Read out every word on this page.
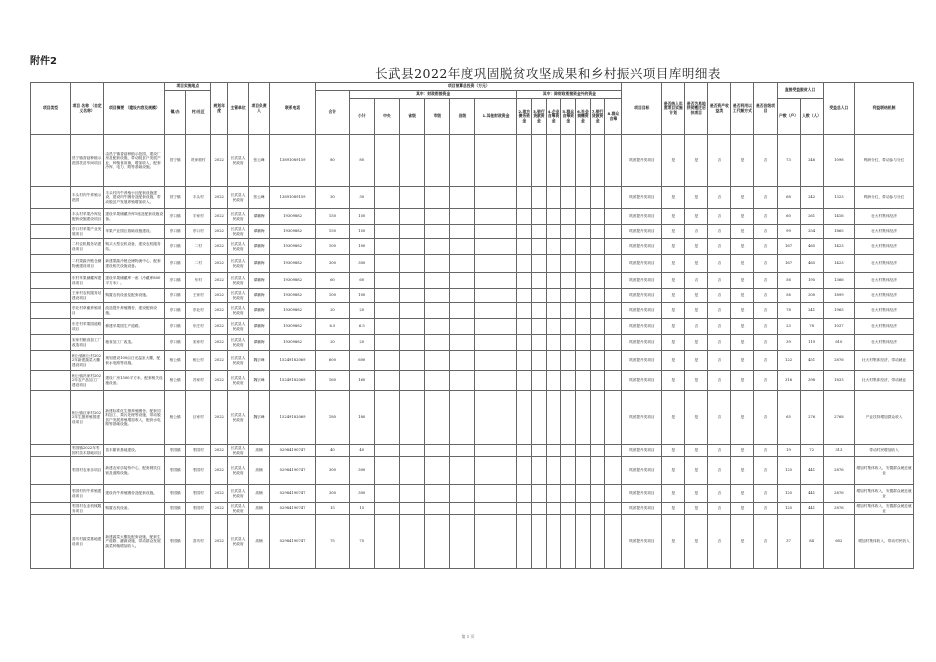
附件2
长武县2022年度巩固脱贫攻坚成果和乡村振兴项目库明细表
项目类型	项目 名称 （自定 义名称）	项目摘要 （建设内容及规模）	项目实施地点		规划年度	主管单位	项目负责人	联系电话	项目预算总投资（万元）														项目目标	是否纳入年度项目实施计划	是否为易地扶贫搬迁后扶项目	是否资产收益类	是否利用以工代赈方式	是否县级项目	直接受益脱贫人口		受益总人口	利益联结机制
			镇/办	村/社区					合计	其中：财政衔接资金						其中：除财政衔接资金外的资金																
										小计	中央	省级	市级	县级	1.其他财政资金	2.地方债务资金	3.银行贷款资金	4.企业自筹资金	5.群众自筹资金	6.社会捐赠资金	7.银行贷款资金	8.群众自筹							户数（户）	人数（人）		
	昌宁镇香菇种植示范园扶贫车间项目	由昌宁镇香菇种植示范园，建设厂房及配套设施，带动脱贫户发展产业，种植食用菌，增加收入，配套冷库、电力、路等基础设施。	昌宁镇	巩家坡村	2022	长武县人民政府	张云峰	13891089159	80	80													巩固提升类项目	是	是	否	是	否	73	246	1098	利润分红，带动参与分红
	丰头村肉牛养殖示范园	丰头村肉牛养殖小区配套设施建设，建设肉牛圈舍及配套设施，带动脱贫户发展养殖增加收入。	昌宁镇	丰头村	2022	长武县人民政府	张云峰	13891089159	30	30													巩固提升类项目	是	是	否	是	否	68	242	1323	利润分红，带动参与分红
	丰头村苹果冷库及配套设施建设项目	建设苹果储藏冷库1座及配套设施设备。	亭口镇	宇家村	2022	长武县人民政府	谭鹏梅	19309882	150	150													巩固提升类项目	是	是	否	是	否	60	261	1416	壮大村集体经济
	亭口村苹果产业发展项目	苹果产业园区基础设施建设。	亭口镇	亭口村	2022	长武县人民政府	谭鹏梅	19309882	150	150													巩固提升类项目	是	否	否	是	否	99	254	1865	壮大村集体经济
	二村农机服务站建设项目	购买大型农机设备，建设农机服务站。	亭口镇	二村	2022	长武县人民政府	谭鹏梅	19309882	100	100													巩固提升类项目	是	是	否	是	否	167	465	1423	壮大村集体经济
	二村果蔬冷链仓储物流建设项目	新建果蔬冷链仓储物流中心，配套建设相关设施设备。	亭口镇	二村	2022	长武县人民政府	谭鹏梅	19309882	300	300													巩固提升类项目	是	是	否	是	否	167	465	1423	壮大村集体经济
	东村苹果储藏库建设项目	建设苹果储藏库一座（冷藏库800平方米）。	亭口镇	东村	2022	长武县人民政府	谭鹏梅	19309882	60	60													巩固提升类项目	是	否	否	是	否	56	195	1366	壮大村集体经济
	王家村农机服务站建设项目	购置农机设备及配套设施。	亭口镇	王家村	2022	长武县人民政府	谭鹏梅	19309882	100	100													巩固提升类项目	是	是	否	是	否	56	200	1899	壮大村集体经济
	亭北村草畜养殖项目	改造提升养殖圈舍，建设配套设施。	亭口镇	亭北村	2022	长武县人民政府	谭鹏梅	19309882	20	20													巩固提升类项目	是	是	否	是	否	78	241	1965	壮大村集体经济
	东庄村苹果园道路项目	修建苹果园生产道路。	亭口镇	东庄村	2022	长武县人民政府	谭鹏梅	19309882	6.5	6.5													巩固提升类项目	是	否	否	是	否	23	78	1037	壮大村集体经济
	宋家村粮食加工厂改造项目	粮食加工厂改造。	亭口镇	宋家村	2022	长武县人民政府	谭鹏梅	19309882	20	20													巩固提升类项目	是	是	否	是	否	39	119	610	壮大村集体经济
	相公镇相公村2022年新建蔬菜大棚建设项目	规划建设100亩日光温室大棚，配套水电路等设施。	相公镇	相公村	2022	长武县人民政府	魏宗峰	15249182069	600	600													巩固提升类项目	是	是	否	是	否	122	451	2876	壮大村集体经济，带动就业
	相公镇冯家村2022年农产品加工厂建设项目	建设厂房1500平方米，配套相关设施设备。	相公镇	冯家村	2022	长武县人民政府	魏宗峰	15249182069	160	160													巩固提升类项目	是	是	否	是	否	316	398	1833	壮大村集体经济，带动就业
	相公镇巨家村2022年生猪养殖园建设项目	新建标准化生猪养殖圈舍，配套饲料加工、粪污处理等设施，带动脱贫户发展养殖增加收入，配套水电路等基础设施。	相公镇	巨家村	2022	长武县人民政府	魏宗峰	15249182069	180	180													巩固提升类项目	是	是	否	是	否	65	276	2768	产业扶持增加群众收入
	枣园镇2022年枣园村苗木基地项目	苗木繁育基地建设。	枣园镇	枣园村	2022	长武县人民政府	高楠	02984190747	40	40													巩固提升类项目	是	是	否	是	否	19	72	313	带动村民增加收入
	枣园村农家乐项目	新建农家乐接待中心，配套餐饮住宿及道路设施。	枣园镇	枣园村	2022	长武县人民政府	高楠	02984190747	300	300													巩固提升类项目	是	是	否	是	否	125	441	2876	增加村集体收入，安置群众就近就业
	枣园村肉牛养殖建设项目	建设肉牛养殖圈舍及配套设施。	枣园镇	枣园村	2022	长武县人民政府	高楠	02984190747	300	300													巩固提升类项目	是	是	否	是	否	125	441	2876	增加村集体收入，安置群众就近就业
	枣园村农业机械服务项目	购置农机设备。	枣园镇	枣园村	2022	长武县人民政府	高楠	02984190747	15	15													巩固提升类项目	是	是	否	是	否	125	441	2876	增加村集体收入，安置群众就近就业
	香坊村蔬菜基地建设项目	新建蔬菜大棚及配套设施，配套生产道路、灌溉设施，带动群众发展蔬菜种植增加收入。	枣园镇	香坊村	2022	长武县人民政府	高楠	02984190747	75	75													巩固提升类项目	是	是	否	是	否	37	84	602	增加村集体收入，带动村民收入
第 1 页
